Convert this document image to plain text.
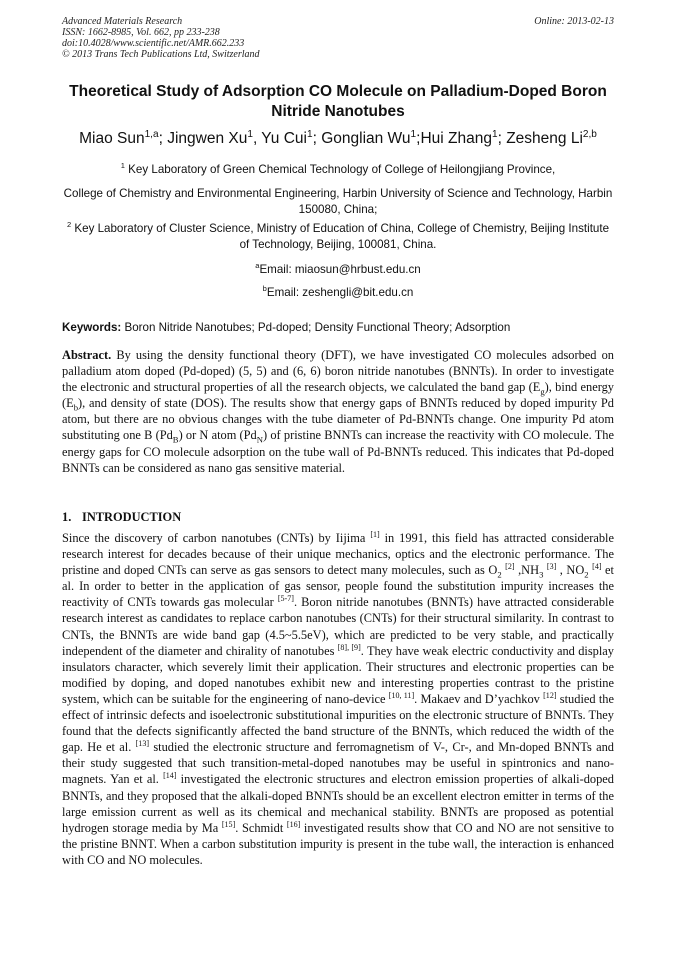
Advanced Materials Research
ISSN: 1662-8985, Vol. 662, pp 233-238
doi:10.4028/www.scientific.net/AMR.662.233
© 2013 Trans Tech Publications Ltd, Switzerland
Online: 2013-02-13
Theoretical Study of Adsorption CO Molecule on Palladium-Doped Boron Nitride Nanotubes
Miao Sun$^{1,a}$; Jingwen Xu$^1$, Yu Cui$^1$; Gonglian Wu$^1$;Hui Zhang$^1$; Zesheng Li$^{2,b}$
$^1$ Key Laboratory of Green Chemical Technology of College of Heilongjiang Province,
College of Chemistry and Environmental Engineering, Harbin University of Science and Technology, Harbin 150080, China;
$^2$ Key Laboratory of Cluster Science, Ministry of Education of China, College of Chemistry, Beijing Institute of Technology, Beijing, 100081, China.
$^a$Email: miaosun@hrbust.edu.cn
$^b$Email: zeshengli@bit.edu.cn
Keywords: Boron Nitride Nanotubes; Pd-doped; Density Functional Theory; Adsorption
Abstract. By using the density functional theory (DFT), we have investigated CO molecules adsorbed on palladium atom doped (Pd-doped) (5, 5) and (6, 6) boron nitride nanotubes (BNNTs). In order to investigate the electronic and structural properties of all the research objects, we calculated the band gap $(E_g)$, bind energy $(E_b)$, and density of state (DOS). The results show that energy gaps of BNNTs reduced by doped impurity Pd atom, but there are no obvious changes with the tube diameter of Pd-BNNTs change. One impurity Pd atom substituting one B $(Pd_B)$ or N atom $(Pd_N)$ of pristine BNNTs can increase the reactivity with CO molecule. The energy gaps for CO molecule adsorption on the tube wall of Pd-BNNTs reduced. This indicates that Pd-doped BNNTs can be considered as nano gas sensitive material.
1. INTRODUCTION
Since the discovery of carbon nanotubes (CNTs) by Iijima [1] in 1991, this field has attracted considerable research interest for decades because of their unique mechanics, optics and the electronic performance. The pristine and doped CNTs can serve as gas sensors to detect many molecules, such as $O_2$ [2] $,NH_3$ [3] , $NO_2$ [4] et al. In order to better in the application of gas sensor, people found the substitution impurity increases the reactivity of CNTs towards gas molecular [5-7]. Boron nitride nanotubes (BNNTs) have attracted considerable research interest as candidates to replace carbon nanotubes (CNTs) for their structural similarity. In contrast to CNTs, the BNNTs are wide band gap (4.5~5.5eV), which are predicted to be very stable, and practically independent of the diameter and chirality of nanotubes [8], [9]. They have weak electric conductivity and display insulators character, which severely limit their application. Their structures and electronic properties can be modified by doping, and doped nanotubes exhibit new and interesting properties contrast to the pristine system, which can be suitable for the engineering of nano-device [10, 11]. Makaev and D’yachkov [12] studied the effect of intrinsic defects and isoelectronic substitutional impurities on the electronic structure of BNNTs. They found that the defects significantly affected the band structure of the BNNTs, which reduced the width of the gap. He et al. [13] studied the electronic structure and ferromagnetism of V-, Cr-, and Mn-doped BNNTs and their study suggested that such transition-metal-doped nanotubes may be useful in spintronics and nano-magnets. Yan et al. [14] investigated the electronic structures and electron emission properties of alkali-doped BNNTs, and they proposed that the alkali-doped BNNTs should be an excellent electron emitter in terms of the large emission current as well as its chemical and mechanical stability. BNNTs are proposed as potential hydrogen storage media by Ma [15]. Schmidt [16] investigated results show that CO and NO are not sensitive to the pristine BNNT. When a carbon substitution impurity is present in the tube wall, the interaction is enhanced with CO and NO molecules.
